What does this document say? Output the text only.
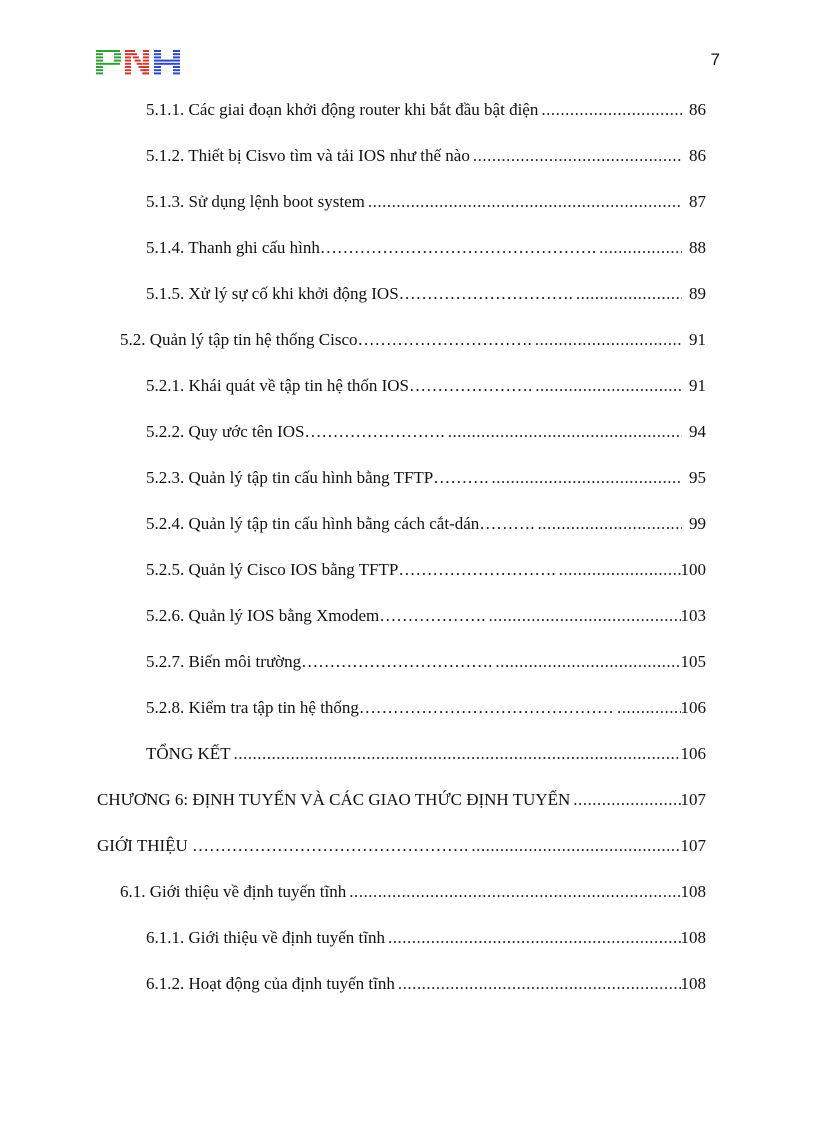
7
5.1.1. Các giai đoạn khởi động router khi bắt đầu bật điện .....	86
5.1.2. Thiết bị Cisvo tìm và tải IOS như thế nào .....	86
5.1.3. Sử dụng lệnh boot system .....	87
5.1.4. Thanh ghi cấu hình…………………………………………. .....	88
5.1.5. Xử lý sự cố khi khởi động IOS…………………………. .....	89
5.2. Quản lý tập tin hệ thống Cisco…………………………. .....	91
5.2.1. Khái quát về tập tin hệ thốn IOS…………………. .....	91
5.2.2. Quy ước tên IOS……………………. .....	94
5.2.3. Quản lý tập tin cấu hình bằng TFTP………. .....	95
5.2.4. Quản lý tập tin cấu hình bằng cách cắt-dán………. .....	99
5.2.5. Quản lý Cisco IOS bằng TFTP………………………. .....	100
5.2.6. Quản lý IOS bằng Xmodem………………. .....	103
5.2.7. Biến môi trường……………………………. .....	105
5.2.8. Kiểm tra tập tin hệ thống……………………………………… .....	106
TỔNG KẾT .....	106
CHƯƠNG 6: ĐỊNH TUYẾN VÀ CÁC GIAO THỨC ĐỊNH TUYẾN .....	107
GIỚI THIỆU …………………………………………. .....	107
6.1. Giới thiệu về định tuyến tĩnh .....	108
6.1.1. Giới thiệu về định tuyến tĩnh .....	108
6.1.2. Hoạt động của định tuyến tĩnh .....	108
